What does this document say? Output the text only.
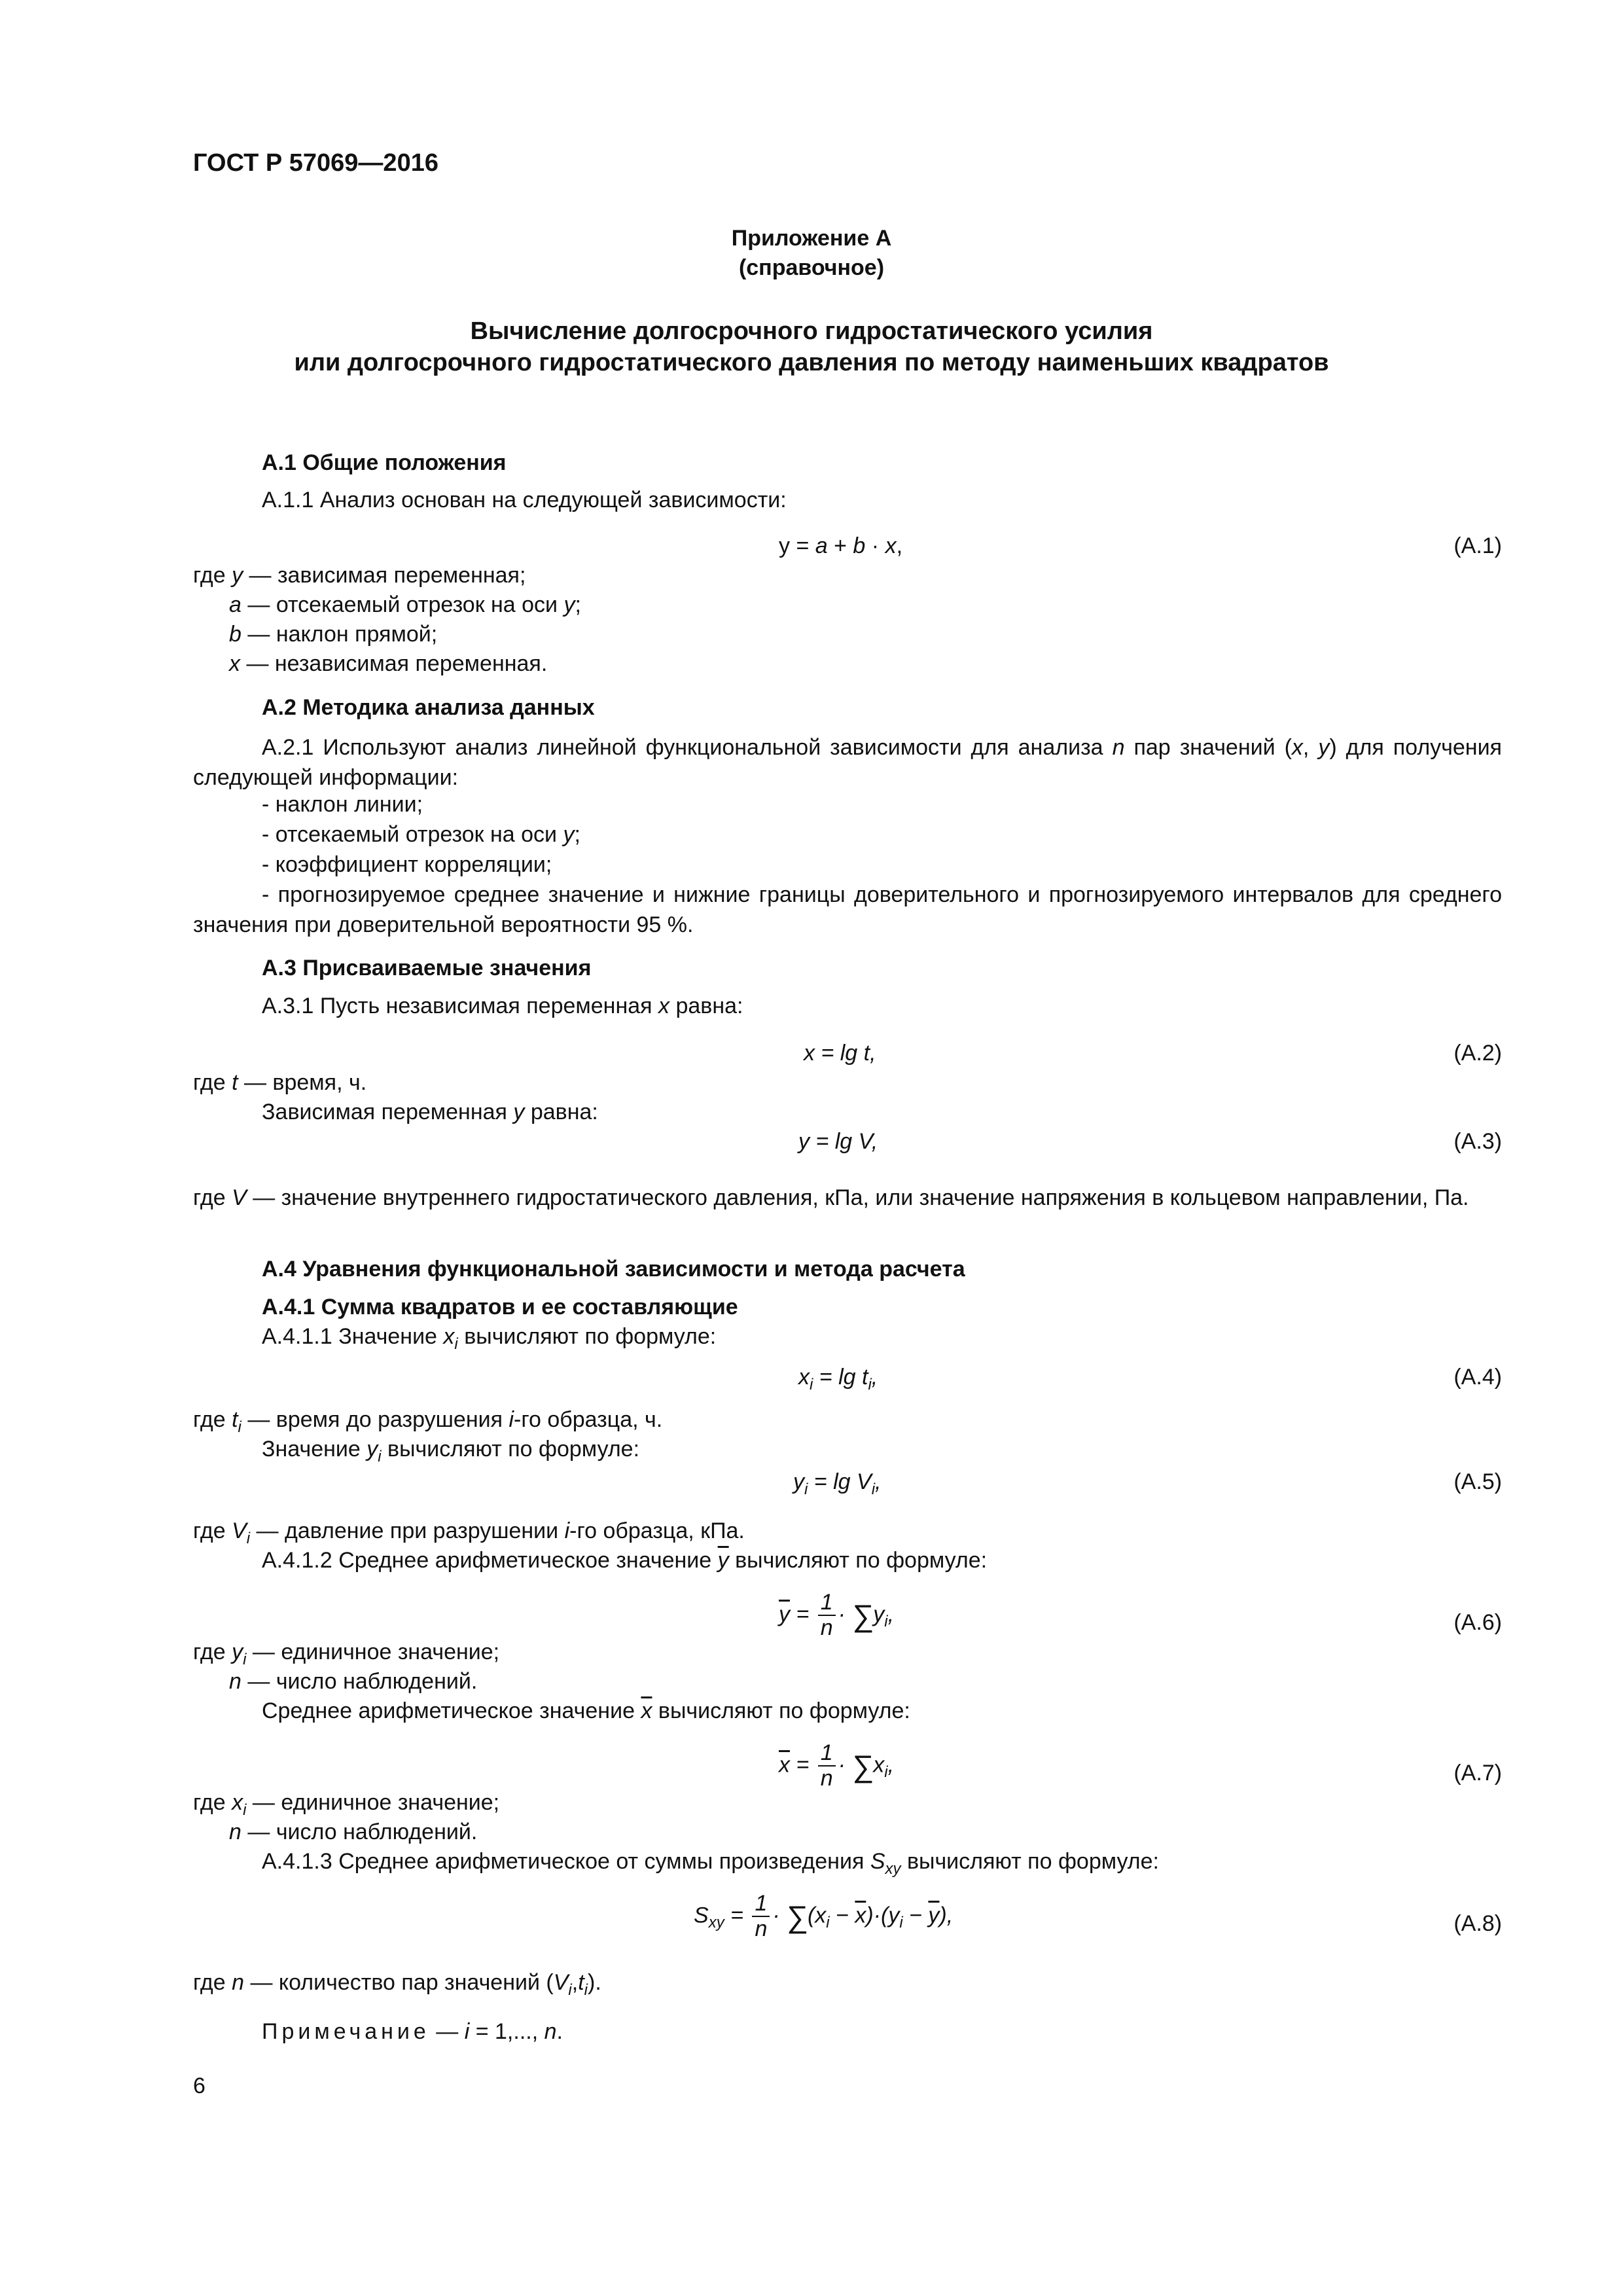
ГОСТ Р 57069—2016
Приложение А
(справочное)
Вычисление долгосрочного гидростатического усилия
или долгосрочного гидростатического давления по методу наименьших квадратов
А.1 Общие положения
А.1.1 Анализ основан на следующей зависимости:
y = a + b · x,	(А.1)
где y — зависимая переменная;
a — отсекаемый отрезок на оси y;
b — наклон прямой;
x — независимая переменная.
А.2 Методика анализа данных
А.2.1 Используют анализ линейной функциональной зависимости для анализа n пар значений (x, y) для получения следующей информации:
- наклон линии;
- отсекаемый отрезок на оси y;
- коэффициент корреляции;
- прогнозируемое среднее значение и нижние границы доверительного и прогнозируемого интервалов для среднего значения при доверительной вероятности 95 %.
А.3 Присваиваемые значения
А.3.1 Пусть независимая переменная x равна:
x = lg t,	(А.2)
где t — время, ч.
Зависимая переменная y равна:
y = lg V,	(А.3)
где V — значение внутреннего гидростатического давления, кПа, или значение напряжения в кольцевом направлении, Па.
А.4 Уравнения функциональной зависимости и метода расчета
А.4.1 Сумма квадратов и ее составляющие
А.4.1.1 Значение $x_i$ вычисляют по формуле:
$x_i = \lg t_i$,	(А.4)
где $t_i$ — время до разрушения i-го образца, ч.
Значение $y_i$ вычисляют по формуле:
$y_i = \lg V_i$,	(А.5)
где $V_i$ — давление при разрушении i-го образца, кПа.
А.4.1.2 Среднее арифметическое значение $\overline{y}$ вычисляют по формуле:
$\overline{y} = \frac{1}{n} \cdot \sum y_i$,	(А.6)
где $y_i$ — единичное значение;
n — число наблюдений.
Среднее арифметическое значение $\overline{x}$ вычисляют по формуле:
$\overline{x} = \frac{1}{n} \cdot \sum x_i$,	(А.7)
где $x_i$ — единичное значение;
n — число наблюдений.
А.4.1.3 Среднее арифметическое от суммы произведения $S_{xy}$ вычисляют по формуле:
$S_{xy} = \frac{1}{n} \cdot \sum(x_i - \overline{x})\cdot(y_i - \overline{y})$,	(А.8)
где n — количество пар значений $(V_i,t_i)$.
Примечание — i = 1,..., n.
6
